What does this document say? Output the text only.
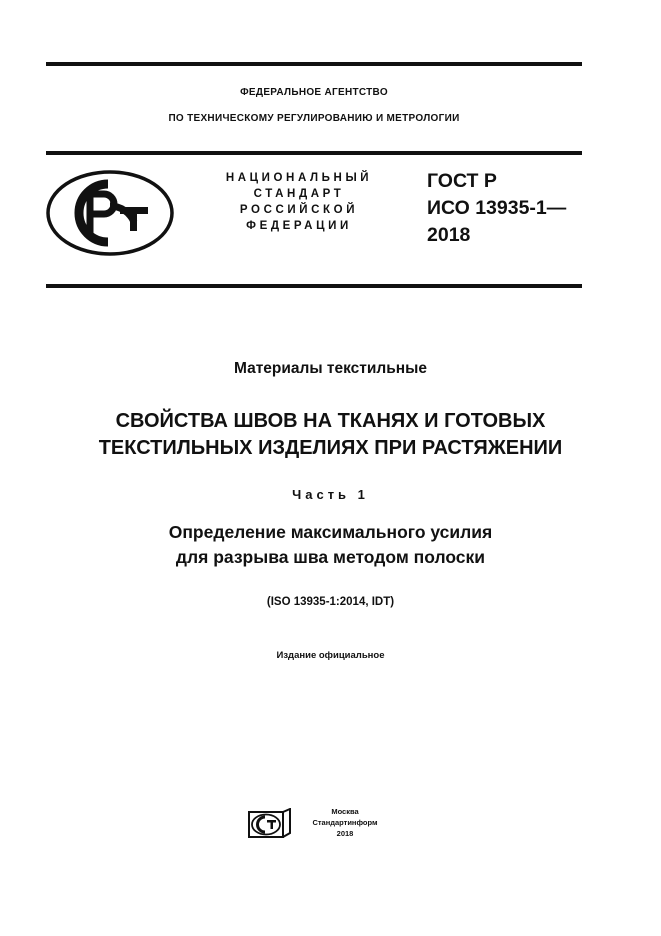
ФЕДЕРАЛЬНОЕ АГЕНТСТВО
ПО ТЕХНИЧЕСКОМУ РЕГУЛИРОВАНИЮ И МЕТРОЛОГИИ
НАЦИОНАЛЬНЫЙ
СТАНДАРТ
РОССИЙСКОЙ
ФЕДЕРАЦИИ
ГОСТ Р
ИСО 13935-1—
2018
Материалы текстильные
СВОЙСТВА ШВОВ НА ТКАНЯХ И ГОТОВЫХ
ТЕКСТИЛЬНЫХ ИЗДЕЛИЯХ ПРИ РАСТЯЖЕНИИ
Часть 1
Определение максимального усилия
для разрыва шва методом полоски
(ISO 13935-1:2014, IDT)
Издание официальное
Москва
Стандартинформ
2018
